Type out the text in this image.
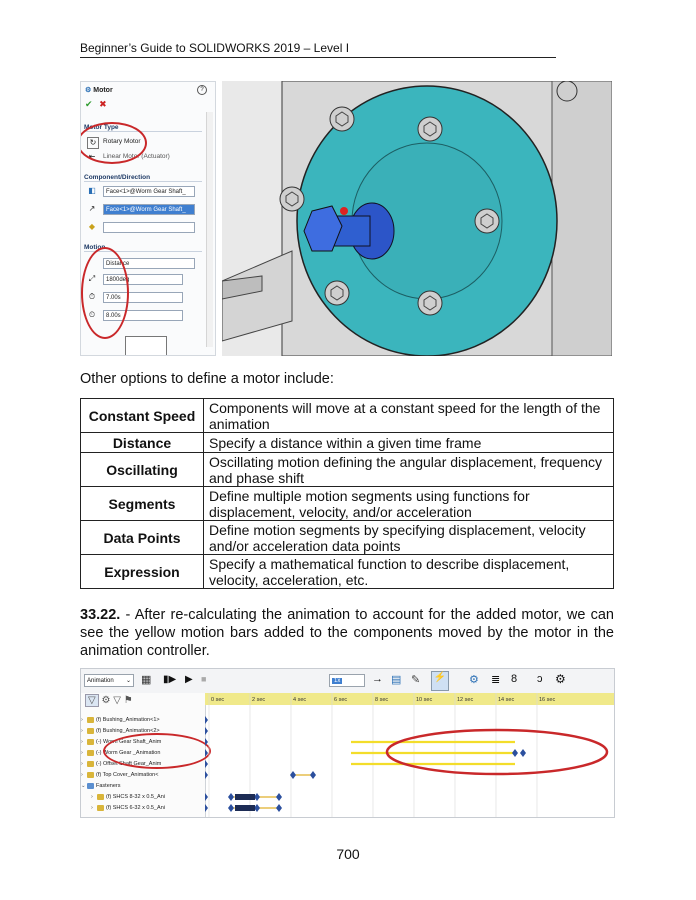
Beginner’s Guide to SOLIDWORKS 2019 – Level I
⚙ Motor	?
✔ ✖
Motor Type
↻	Rotary Motor
⇤ Linear Motor (Actuator)
Component/Direction
◧	Face<1>@Worm Gear Shaft_
↗	Face<1>@Worm Gear Shaft_
◆
Motion
Distance
⤢	1800deg
⏱	7.00s
⏲	8.00s
Other options to define a motor include:
Constant Speed	Components will move at a constant speed for the length of the animation
Distance	Specify a distance within a given time frame
Oscillating	Oscillating motion defining the angular displacement, frequency and phase shift
Segments	Define multiple motion segments using functions for displacement, velocity, and/or acceleration
Data Points	Define motion segments by specifying displacement, velocity and/or acceleration data points
Expression	Specify a mathematical function to describe displacement, velocity, acceleration, etc.
33.22. - After re-calculating the animation to account for the added motor, we can see the yellow motion bars added to the components moved by the motor in the animation controller.
Animation ⌄ ▦ ▮▶ ▶ ■	1x	→ ▤ ✎ ⚡ ⚙ ≣ 8 ɔ ⚙
▽ ⚙ ▽ ⚑
› (f) Bushing_Animation<1>
› (f) Bushing_Animation<2>
› (-) Worm Gear Shaft_Anim
› (-) Worm Gear _Animation
› (-) Offset Shaft Gear_Anim
› (f) Top Cover_Animation<
⌄ Fasteners
› (f) SHCS 8-32 x 0.5_Ani
› (f) SHCS 6-32 x 0.5_Ani
0 sec	2 sec	4 sec	6 sec	8 sec	10 sec	12 sec	14 sec	16 sec
700
